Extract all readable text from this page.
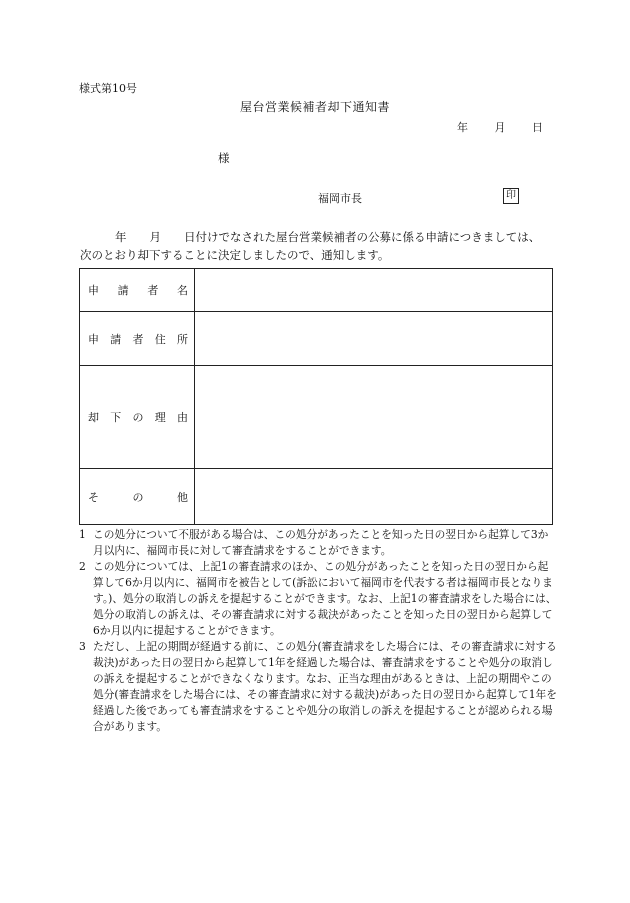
様式第10号
屋台営業候補者却下通知書
年 月 日
様
福岡市長	印
年　　月　　日付けでなされた屋台営業候補者の公募に係る申請につきましては、
次のとおり却下することに決定しましたので、通知します。
申 請 者 名	

申 請 者 住 所	

却 下 の 理 由	

そ の 他	

1 この処分について不服がある場合は、この処分があったことを知った日の翌日から起算して3か月以内に、福岡市長に対して審査請求をすることができます。
2 この処分については、上記1の審査請求のほか、この処分があったことを知った日の翌日から起算して6か月以内に、福岡市を被告として(訴訟において福岡市を代表する者は福岡市長となります。)、処分の取消しの訴えを提起することができます。なお、上記1の審査請求をした場合には、処分の取消しの訴えは、その審査請求に対する裁決があったことを知った日の翌日から起算して6か月以内に提起することができます。
3 ただし、上記の期間が経過する前に、この処分(審査請求をした場合には、その審査請求に対する裁決)があった日の翌日から起算して1年を経過した場合は、審査請求をすることや処分の取消しの訴えを提起することができなくなります。なお、正当な理由があるときは、上記の期間やこの処分(審査請求をした場合には、その審査請求に対する裁決)があった日の翌日から起算して1年を経過した後であっても審査請求をすることや処分の取消しの訴えを提起することが認められる場合があります。
